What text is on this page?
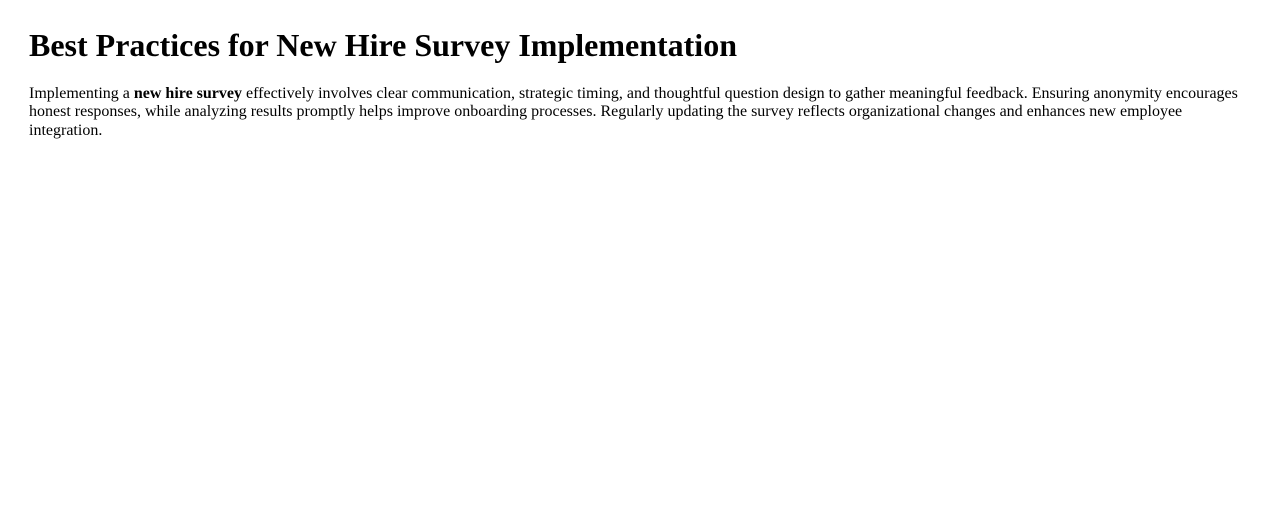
Best Practices for New Hire Survey Implementation

Implementing a new hire survey effectively involves clear communication, strategic timing, and thoughtful question design to gather meaningful feedback. Ensuring anonymity encourages honest responses, while analyzing results promptly helps improve onboarding processes. Regularly updating the survey reflects organizational changes and enhances new employee integration.
